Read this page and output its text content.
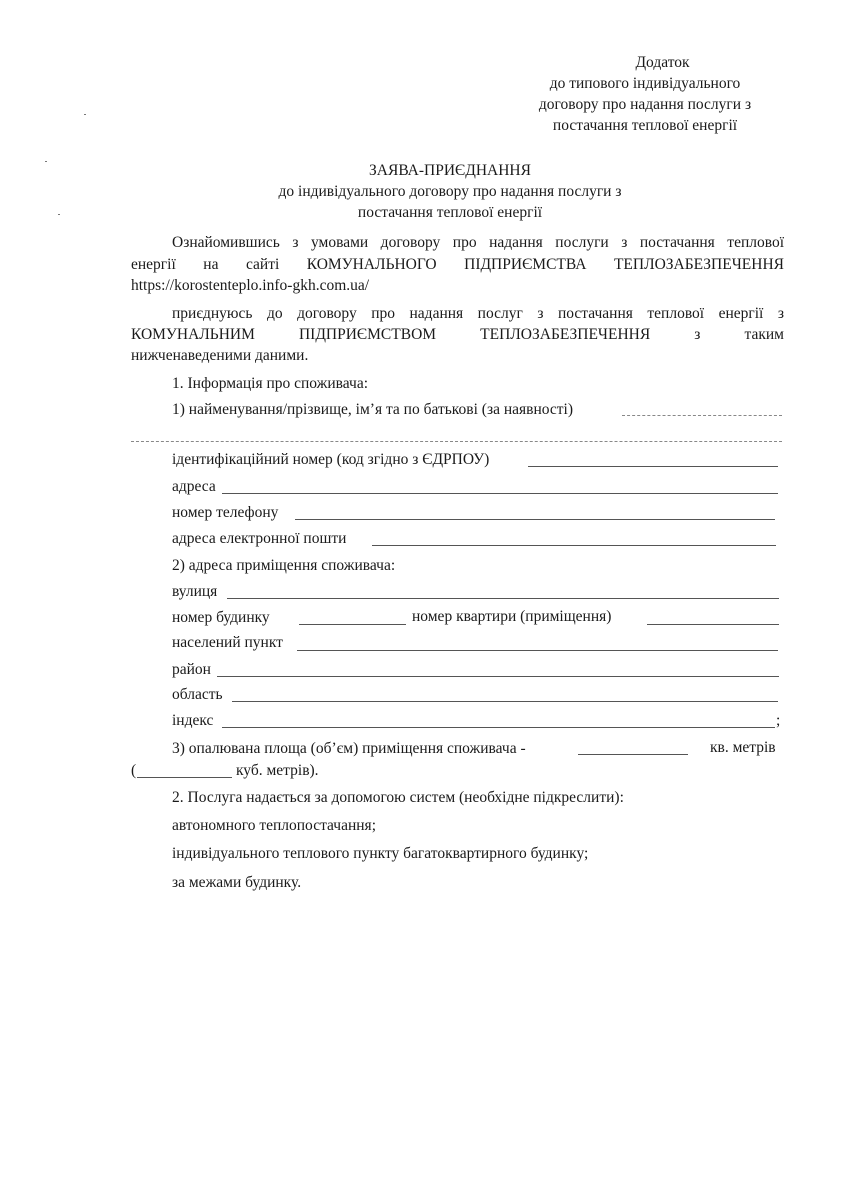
Додаток
до типового індивідуального
договору про надання послуги з
постачання теплової енергії
ЗАЯВА-ПРИЄДНАННЯ
до індивідуального договору про надання послуги з
постачання теплової енергії
Ознайомившись з умовами договору про надання послуги з постачання теплової
енергії на сайті КОМУНАЛЬНОГО ПІДПРИЄМСТВА ТЕПЛОЗАБЕЗПЕЧЕННЯ
https://korostenteplo.info-gkh.com.ua/
приєднуюсь до договору про надання послуг з постачання теплової енергії з
КОМУНАЛЬНИМ ПІДПРИЄМСТВОМ ТЕПЛОЗАБЕЗПЕЧЕННЯ з таким
нижченаведеними даними.
1. Інформація про споживача:
1) найменування/прізвище, ім’я та по батькові (за наявності)
ідентифікаційний номер (код згідно з ЄДРПОУ)
адреса
номер телефону
адреса електронної пошти
2) адреса приміщення споживача:
вулиця
номер будинку	номер квартири (приміщення)
населений пункт
район
область
індекс	;
3) опалювана площа (об’єм) приміщення споживача -	кв. метрів
(	куб. метрів).
2. Послуга надається за допомогою систем (необхідне підкреслити):
автономного теплопостачання;
індивідуального теплового пункту багатоквартирного будинку;
за межами будинку.
